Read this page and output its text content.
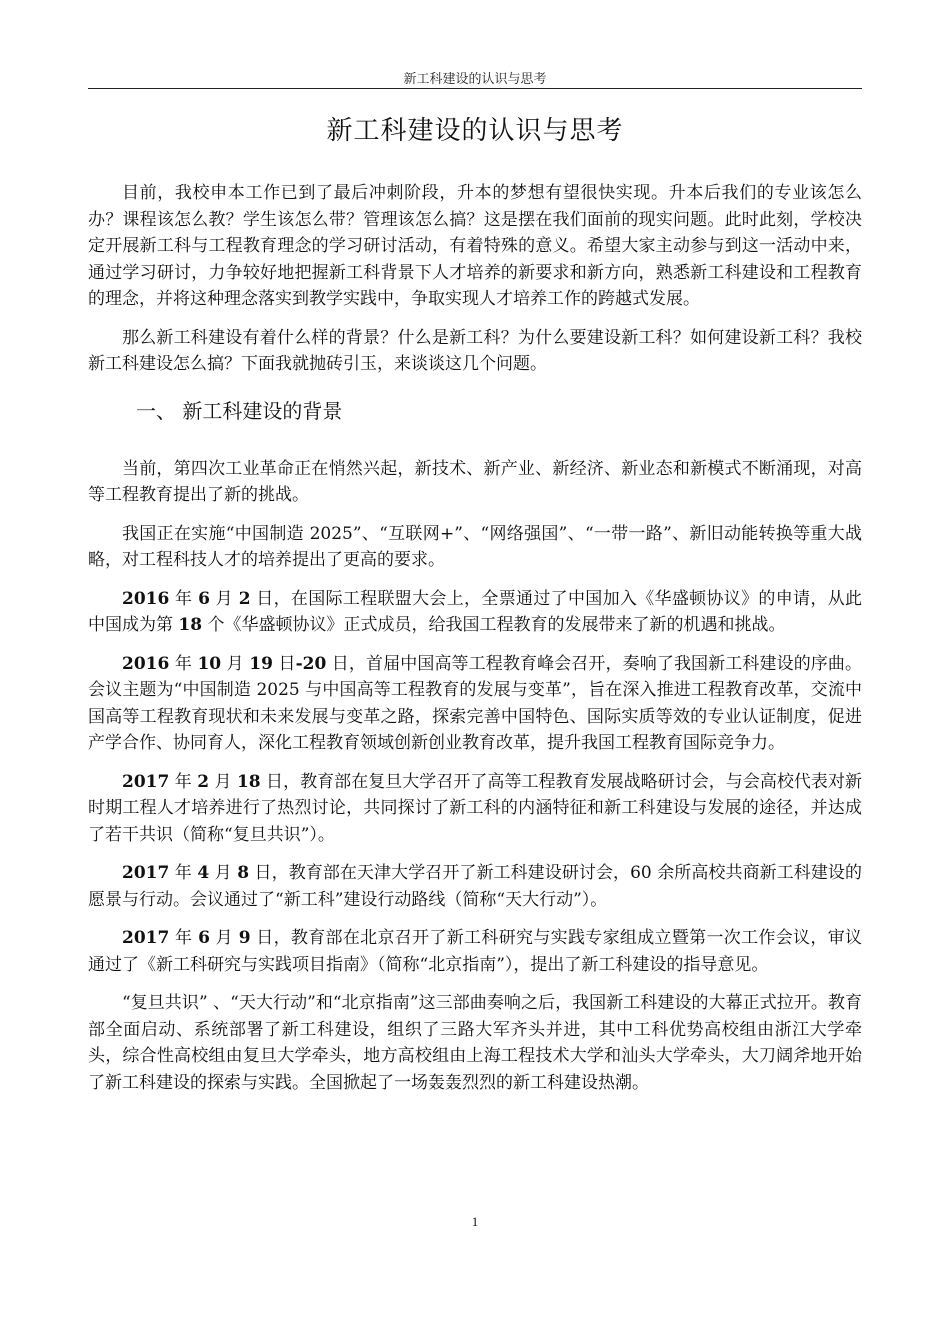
新工科建设的认识与思考
新工科建设的认识与思考

目前，我校申本工作已到了最后冲刺阶段，升本的梦想有望很快实现。升本后我们的专业该怎么办？课程该怎么教？学生该怎么带？管理该怎么搞？这是摆在我们面前的现实问题。此时此刻，学校决定开展新工科与工程教育理念的学习研讨活动，有着特殊的意义。希望大家主动参与到这一活动中来，通过学习研讨，力争较好地把握新工科背景下人才培养的新要求和新方向，熟悉新工科建设和工程教育的理念，并将这种理念落实到教学实践中，争取实现人才培养工作的跨越式发展。

那么新工科建设有着什么样的背景？什么是新工科？为什么要建设新工科？如何建设新工科？我校新工科建设怎么搞？下面我就抛砖引玉，来谈谈这几个问题。

一、 新工科建设的背景

当前，第四次工业革命正在悄然兴起，新技术、新产业、新经济、新业态和新模式不断涌现，对高等工程教育提出了新的挑战。

我国正在实施“中国制造 2025”、“互联网+”、“网络强国”、“一带一路”、新旧动能转换等重大战略，对工程科技人才的培养提出了更高的要求。

2016 年 6 月 2 日，在国际工程联盟大会上，全票通过了中国加入《华盛顿协议》的申请，从此中国成为第 18 个《华盛顿协议》正式成员，给我国工程教育的发展带来了新的机遇和挑战。

2016 年 10 月 19 日-20 日，首届中国高等工程教育峰会召开，奏响了我国新工科建设的序曲。会议主题为“中国制造 2025 与中国高等工程教育的发展与变革”，旨在深入推进工程教育改革，交流中国高等工程教育现状和未来发展与变革之路，探索完善中国特色、国际实质等效的专业认证制度，促进产学合作、协同育人，深化工程教育领域创新创业教育改革，提升我国工程教育国际竞争力。

2017 年 2 月 18 日，教育部在复旦大学召开了高等工程教育发展战略研讨会，与会高校代表对新时期工程人才培养进行了热烈讨论，共同探讨了新工科的内涵特征和新工科建设与发展的途径，并达成了若干共识（简称“复旦共识”）。

2017 年 4 月 8 日，教育部在天津大学召开了新工科建设研讨会，60 余所高校共商新工科建设的愿景与行动。会议通过了“新工科”建设行动路线（简称“天大行动”）。

2017 年 6 月 9 日，教育部在北京召开了新工科研究与实践专家组成立暨第一次工作会议，审议通过了《新工科研究与实践项目指南》（简称“北京指南”），提出了新工科建设的指导意见。

“复旦共识” 、“天大行动”和“北京指南”这三部曲奏响之后，我国新工科建设的大幕正式拉开。教育部全面启动、系统部署了新工科建设，组织了三路大军齐头并进，其中工科优势高校组由浙江大学牵头，综合性高校组由复旦大学牵头，地方高校组由上海工程技术大学和汕头大学牵头，大刀阔斧地开始了新工科建设的探索与实践。全国掀起了一场轰轰烈烈的新工科建设热潮。

1
